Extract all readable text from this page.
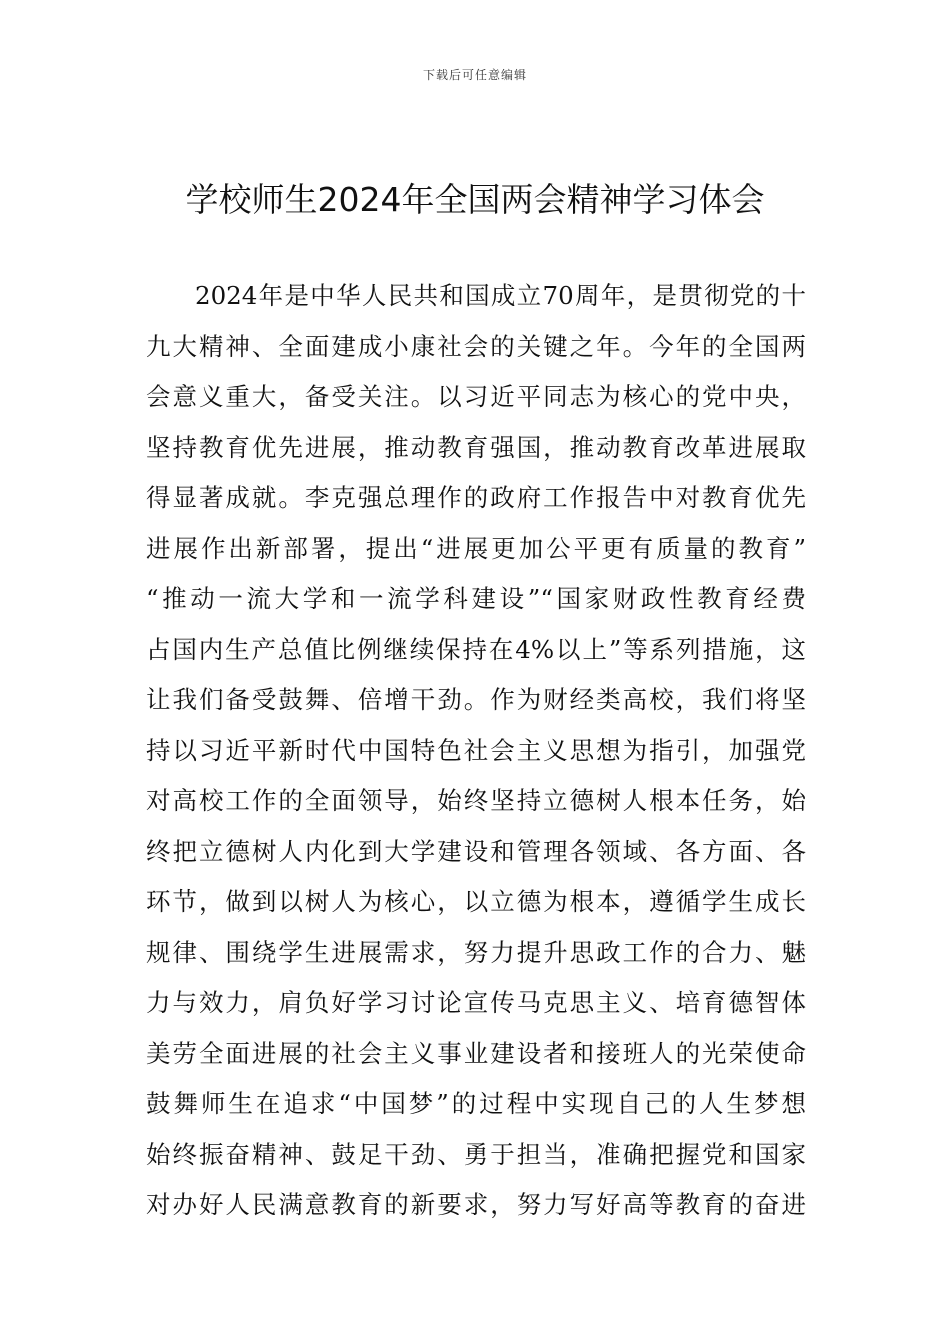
下载后可任意编辑
学校师生2024年全国两会精神学习体会
2024年是中华人民共和国成立70周年，是贯彻党的十
九大精神、全面建成小康社会的关键之年。今年的全国两
会意义重大，备受关注。以习近平同志为核心的党中央，
坚持教育优先进展，推动教育强国，推动教育改革进展取
得显著成就。李克强总理作的政府工作报告中对教育优先
进展作出新部署，提出“进展更加公平更有质量的教育”
“推动一流大学和一流学科建设”“国家财政性教育经费
占国内生产总值比例继续保持在4%以上”等系列措施，这
让我们备受鼓舞、倍增干劲。作为财经类高校，我们将坚
持以习近平新时代中国特色社会主义思想为指引，加强党
对高校工作的全面领导，始终坚持立德树人根本任务，始
终把立德树人内化到大学建设和管理各领域、各方面、各
环节，做到以树人为核心，以立德为根本，遵循学生成长
规律、围绕学生进展需求，努力提升思政工作的合力、魅
力与效力，肩负好学习讨论宣传马克思主义、培育德智体
美劳全面进展的社会主义事业建设者和接班人的光荣使命
鼓舞师生在追求“中国梦”的过程中实现自己的人生梦想
始终振奋精神、鼓足干劲、勇于担当，准确把握党和国家
对办好人民满意教育的新要求，努力写好高等教育的奋进
